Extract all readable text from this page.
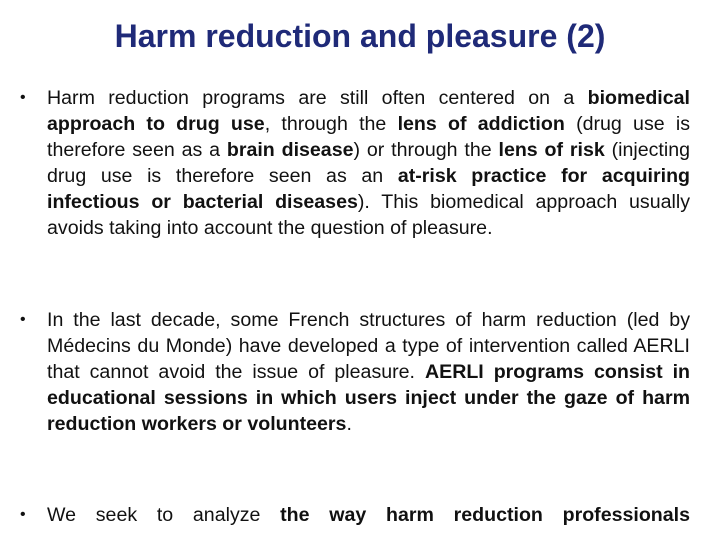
Harm reduction and pleasure (2)
•	Harm reduction programs are still often centered on a biomedical approach to drug use, through the lens of addiction (drug use is therefore seen as a brain disease) or through the lens of risk (injecting drug use is therefore seen as an at-risk practice for acquiring infectious or bacterial diseases). This biomedical approach usually avoids taking into account the question of pleasure.
•	In the last decade, some French structures of harm reduction (led by Médecins du Monde) have developed a type of intervention called AERLI that cannot avoid the issue of pleasure. AERLI programs consist in educational sessions in which users inject under the gaze of harm reduction workers or volunteers.
•	We seek to analyze the way harm reduction professionals
